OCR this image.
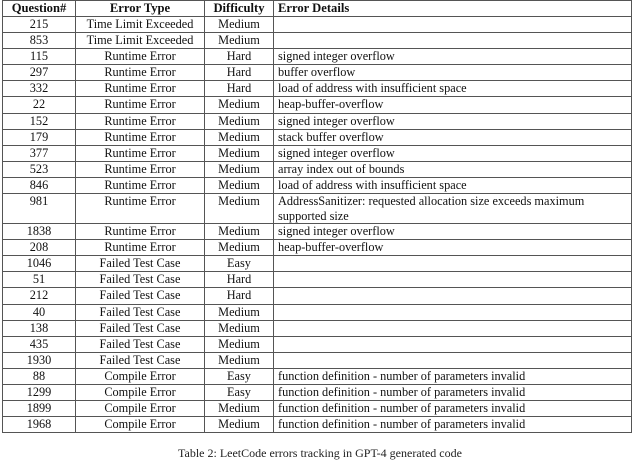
Question#	Error Type	Difficulty	Error Details
215	Time Limit Exceeded	Medium	
853	Time Limit Exceeded	Medium	
115	Runtime Error	Hard	signed integer overflow
297	Runtime Error	Hard	buffer overflow
332	Runtime Error	Hard	load of address with insufficient space
22	Runtime Error	Medium	heap-buffer-overflow
152	Runtime Error	Medium	signed integer overflow
179	Runtime Error	Medium	stack buffer overflow
377	Runtime Error	Medium	signed integer overflow
523	Runtime Error	Medium	array index out of bounds
846	Runtime Error	Medium	load of address with insufficient space
981	Runtime Error	Medium	AddressSanitizer: requested allocation size exceeds maximum supported size
1838	Runtime Error	Medium	signed integer overflow
208	Runtime Error	Medium	heap-buffer-overflow
1046	Failed Test Case	Easy	
51	Failed Test Case	Hard	
212	Failed Test Case	Hard	
40	Failed Test Case	Medium	
138	Failed Test Case	Medium	
435	Failed Test Case	Medium	
1930	Failed Test Case	Medium	
88	Compile Error	Easy	function definition - number of parameters invalid
1299	Compile Error	Easy	function definition - number of parameters invalid
1899	Compile Error	Medium	function definition - number of parameters invalid
1968	Compile Error	Medium	function definition - number of parameters invalid
Table 2: LeetCode errors tracking in GPT-4 generated code
